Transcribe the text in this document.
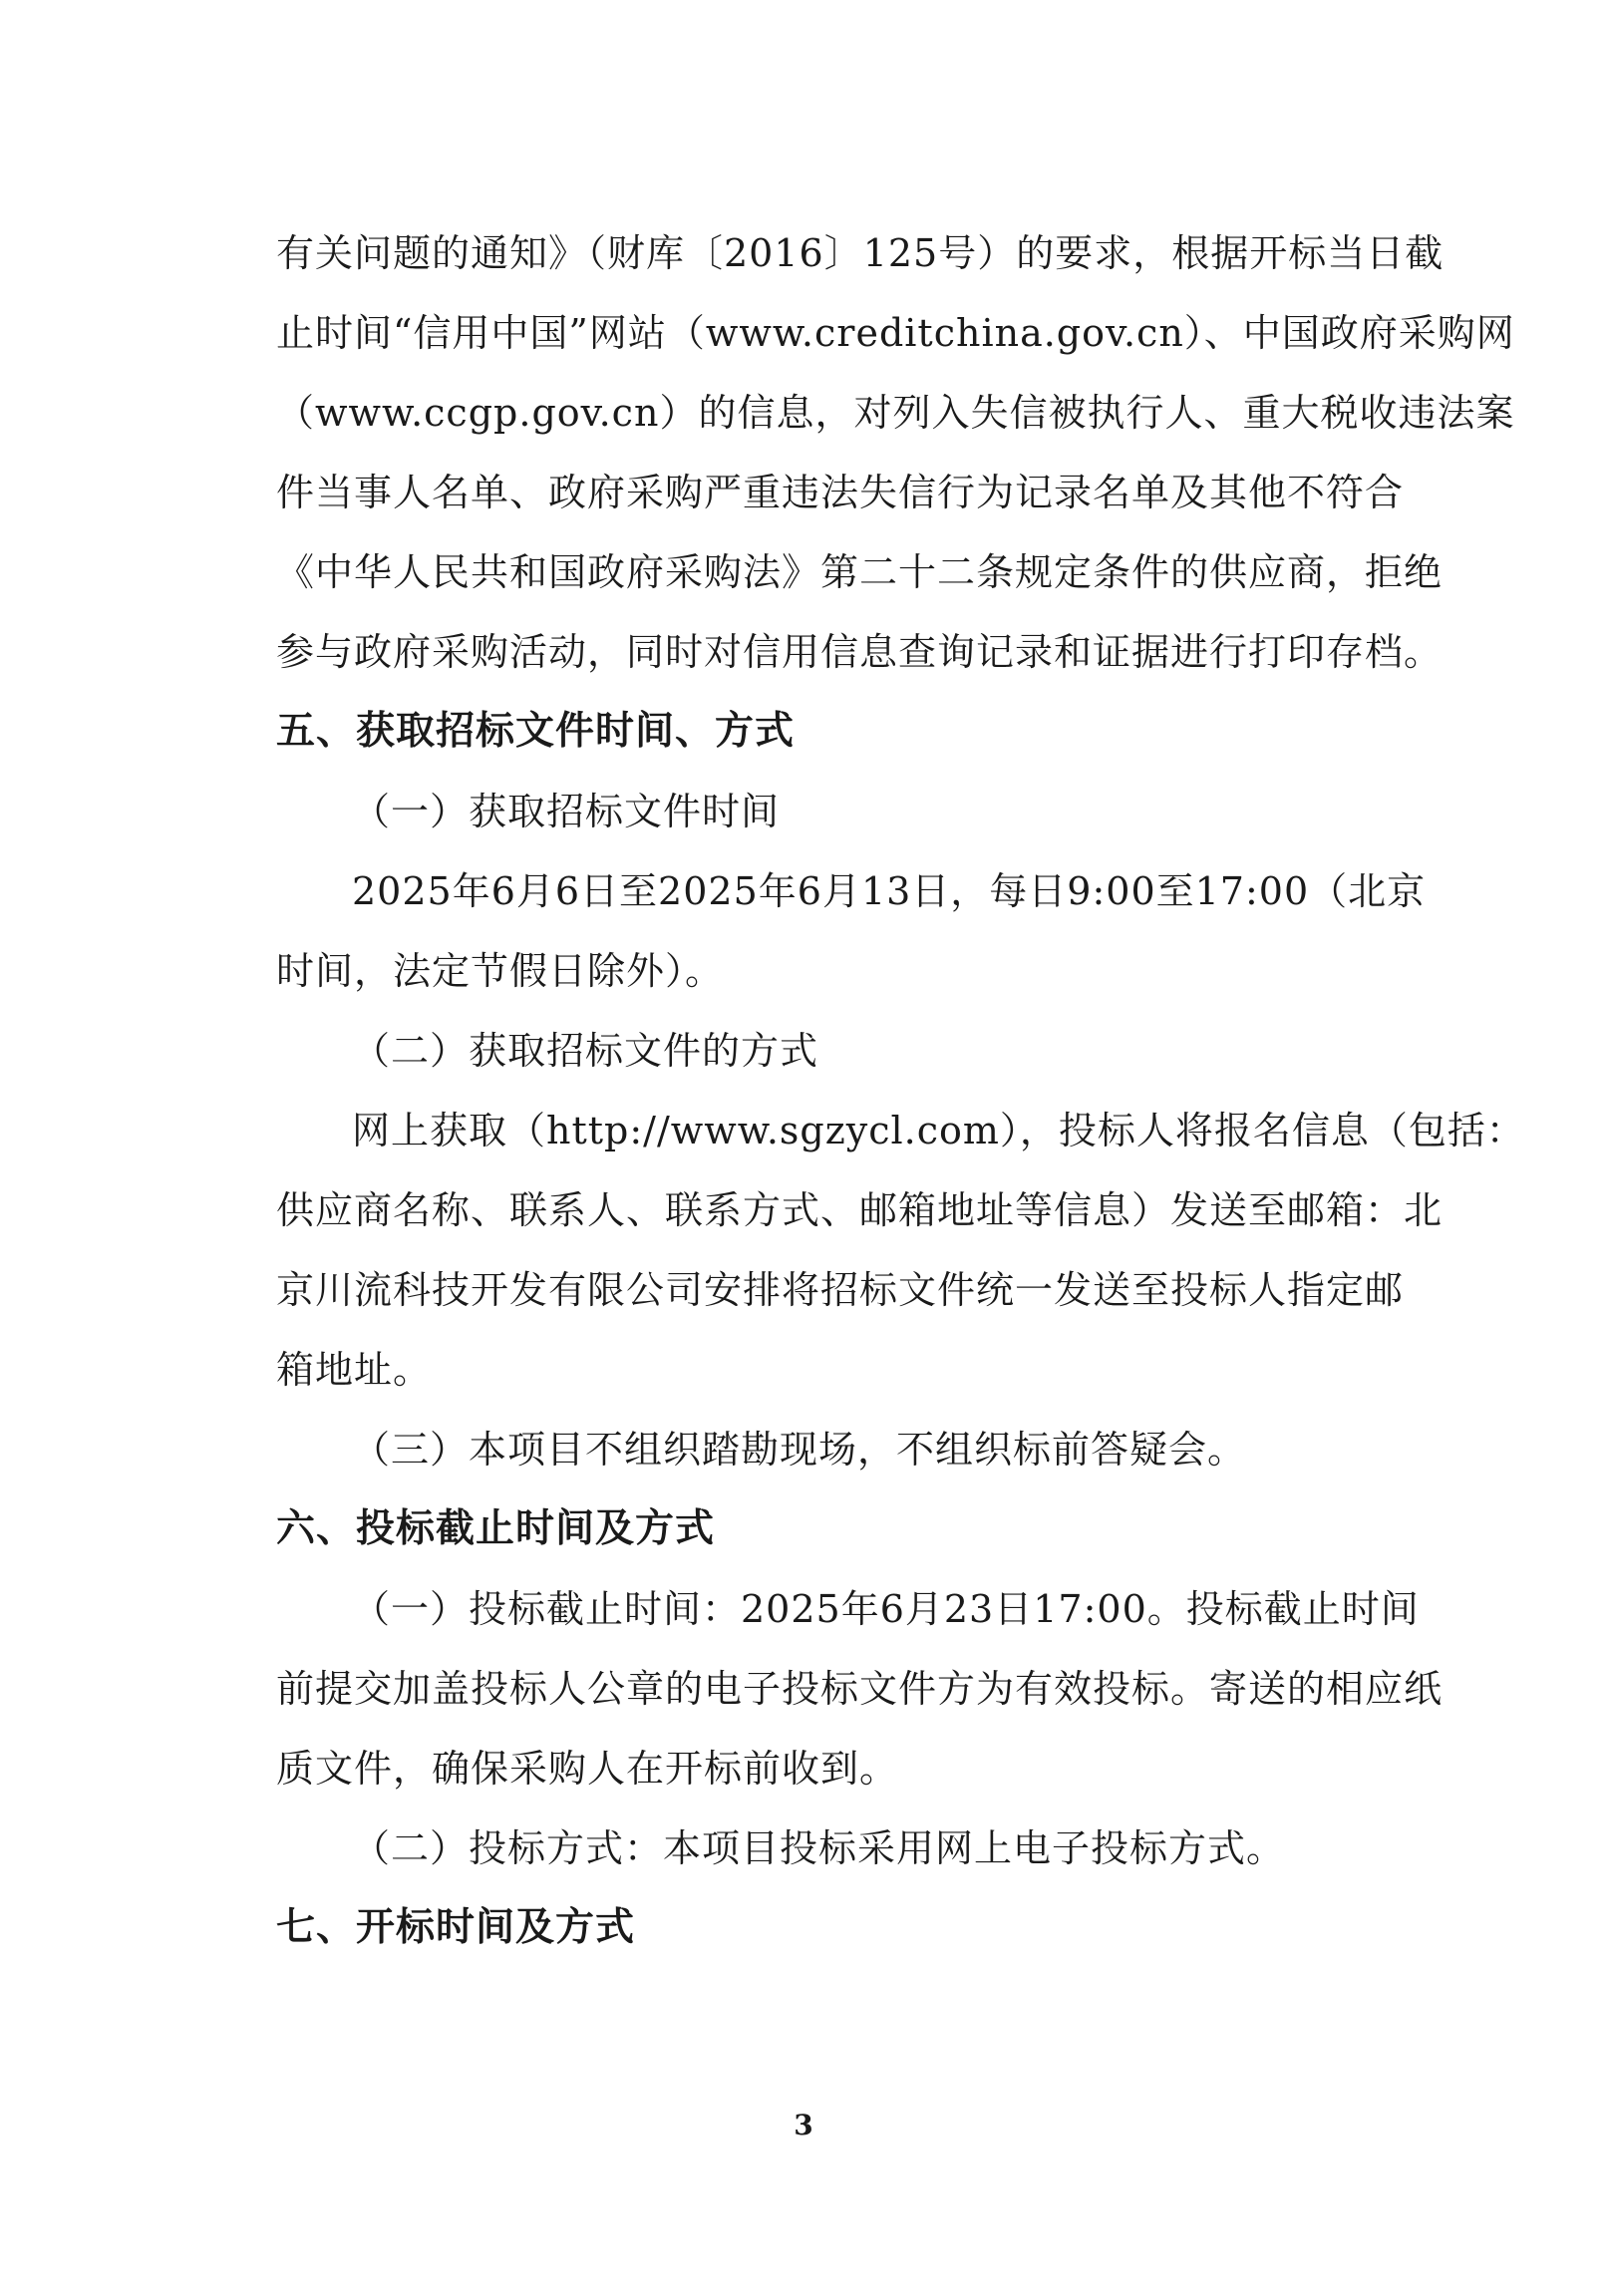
有关问题的通知》（财库〔2016〕125号）的要求，根据开标当日截
止时间“信用中国”网站（www.creditchina.gov.cn）、中国政府采购网
（www.ccgp.gov.cn）的信息，对列入失信被执行人、重大税收违法案
件当事人名单、政府采购严重违法失信行为记录名单及其他不符合
《中华人民共和国政府采购法》第二十二条规定条件的供应商，拒绝
参与政府采购活动，同时对信用信息查询记录和证据进行打印存档。
五、获取招标文件时间、方式
（一）获取招标文件时间
2025年6月6日至2025年6月13日，每日9:00至17:00（北京
时间，法定节假日除外）。
（二）获取招标文件的方式
网上获取（http://www.sgzycl.com），投标人将报名信息（包括：
供应商名称、联系人、联系方式、邮箱地址等信息）发送至邮箱：北
京川流科技开发有限公司安排将招标文件统一发送至投标人指定邮
箱地址。
（三）本项目不组织踏勘现场，不组织标前答疑会。
六、投标截止时间及方式
（一）投标截止时间：2025年6月23日17:00。投标截止时间
前提交加盖投标人公章的电子投标文件方为有效投标。寄送的相应纸
质文件，确保采购人在开标前收到。
（二）投标方式：本项目投标采用网上电子投标方式。
七、开标时间及方式
3
